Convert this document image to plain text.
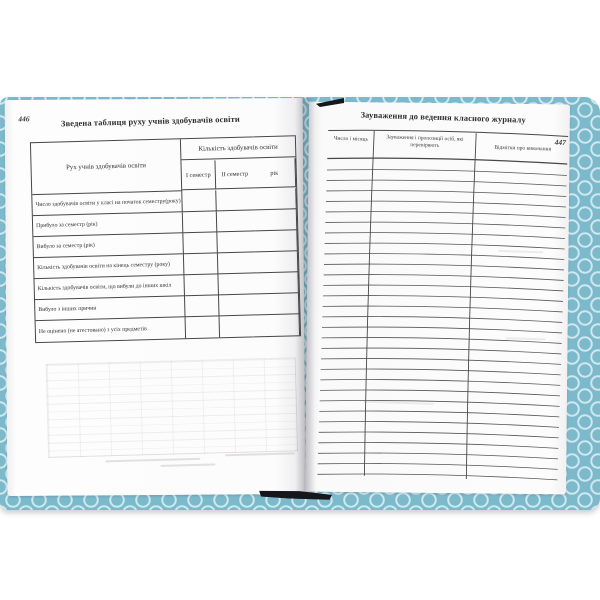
446	Зведена таблиця руху учнів здобувачів освіти
Рух учнів здобувачів освіти
Кількість здобувачів освіти
І семестр	ІІ семестр	рік
Число здобувачів освіти у класі на початок семестру(року)
Прибуло за семестр (рік)
Вибуло за семестр (рік)
Кількість здобувачів освіти на кінець семестру (року)
Кількість здобувачів освіти, що вибули до інших шкіл
Вибуло з інших причин
Не оцінено (не атестовано) з усіх предметів
Зауваження до ведення класного журналу
447
Число і місяць	Зауваження і пропозиції осіб, які перевіряють	Відмітки про виконання
